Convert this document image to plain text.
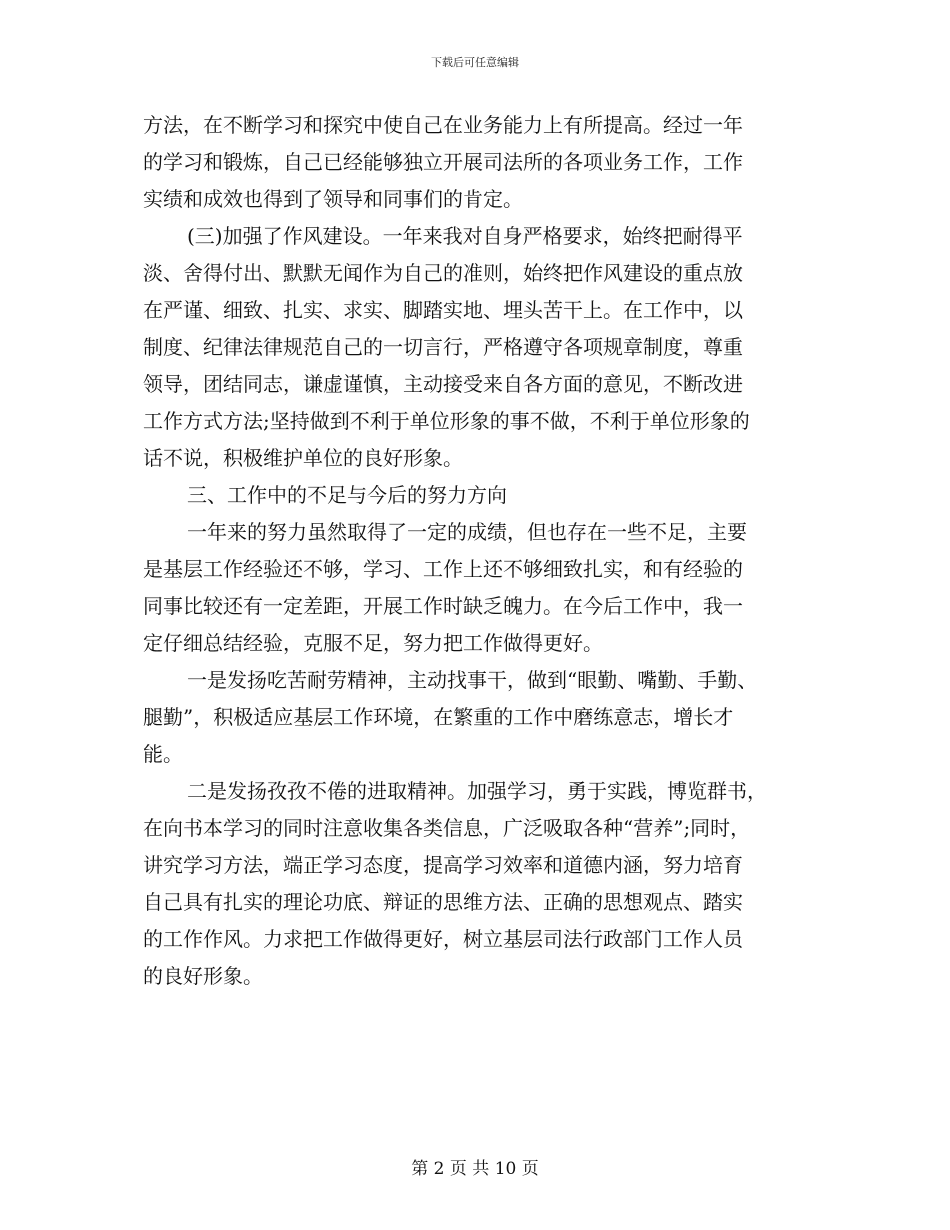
下载后可任意编辑
方法，在不断学习和探究中使自己在业务能力上有所提高。经过一年
的学习和锻炼，自己已经能够独立开展司法所的各项业务工作，工作
实绩和成效也得到了领导和同事们的肯定。
(三)加强了作风建设。一年来我对自身严格要求，始终把耐得平
淡、舍得付出、默默无闻作为自己的准则，始终把作风建设的重点放
在严谨、细致、扎实、求实、脚踏实地、埋头苦干上。在工作中，以
制度、纪律法律规范自己的一切言行，严格遵守各项规章制度，尊重
领导，团结同志，谦虚谨慎，主动接受来自各方面的意见，不断改进
工作方式方法;坚持做到不利于单位形象的事不做，不利于单位形象的
话不说，积极维护单位的良好形象。
三、工作中的不足与今后的努力方向
一年来的努力虽然取得了一定的成绩，但也存在一些不足，主要
是基层工作经验还不够，学习、工作上还不够细致扎实，和有经验的
同事比较还有一定差距，开展工作时缺乏魄力。在今后工作中，我一
定仔细总结经验，克服不足，努力把工作做得更好。
一是发扬吃苦耐劳精神，主动找事干，做到“眼勤、嘴勤、手勤、
腿勤”，积极适应基层工作环境，在繁重的工作中磨练意志，增长才
能。
二是发扬孜孜不倦的进取精神。加强学习，勇于实践，博览群书，
在向书本学习的同时注意收集各类信息，广泛吸取各种“营养”;同时，
讲究学习方法，端正学习态度，提高学习效率和道德内涵，努力培育
自己具有扎实的理论功底、辩证的思维方法、正确的思想观点、踏实
的工作作风。力求把工作做得更好，树立基层司法行政部门工作人员
的良好形象。
第 2 页 共 10 页
